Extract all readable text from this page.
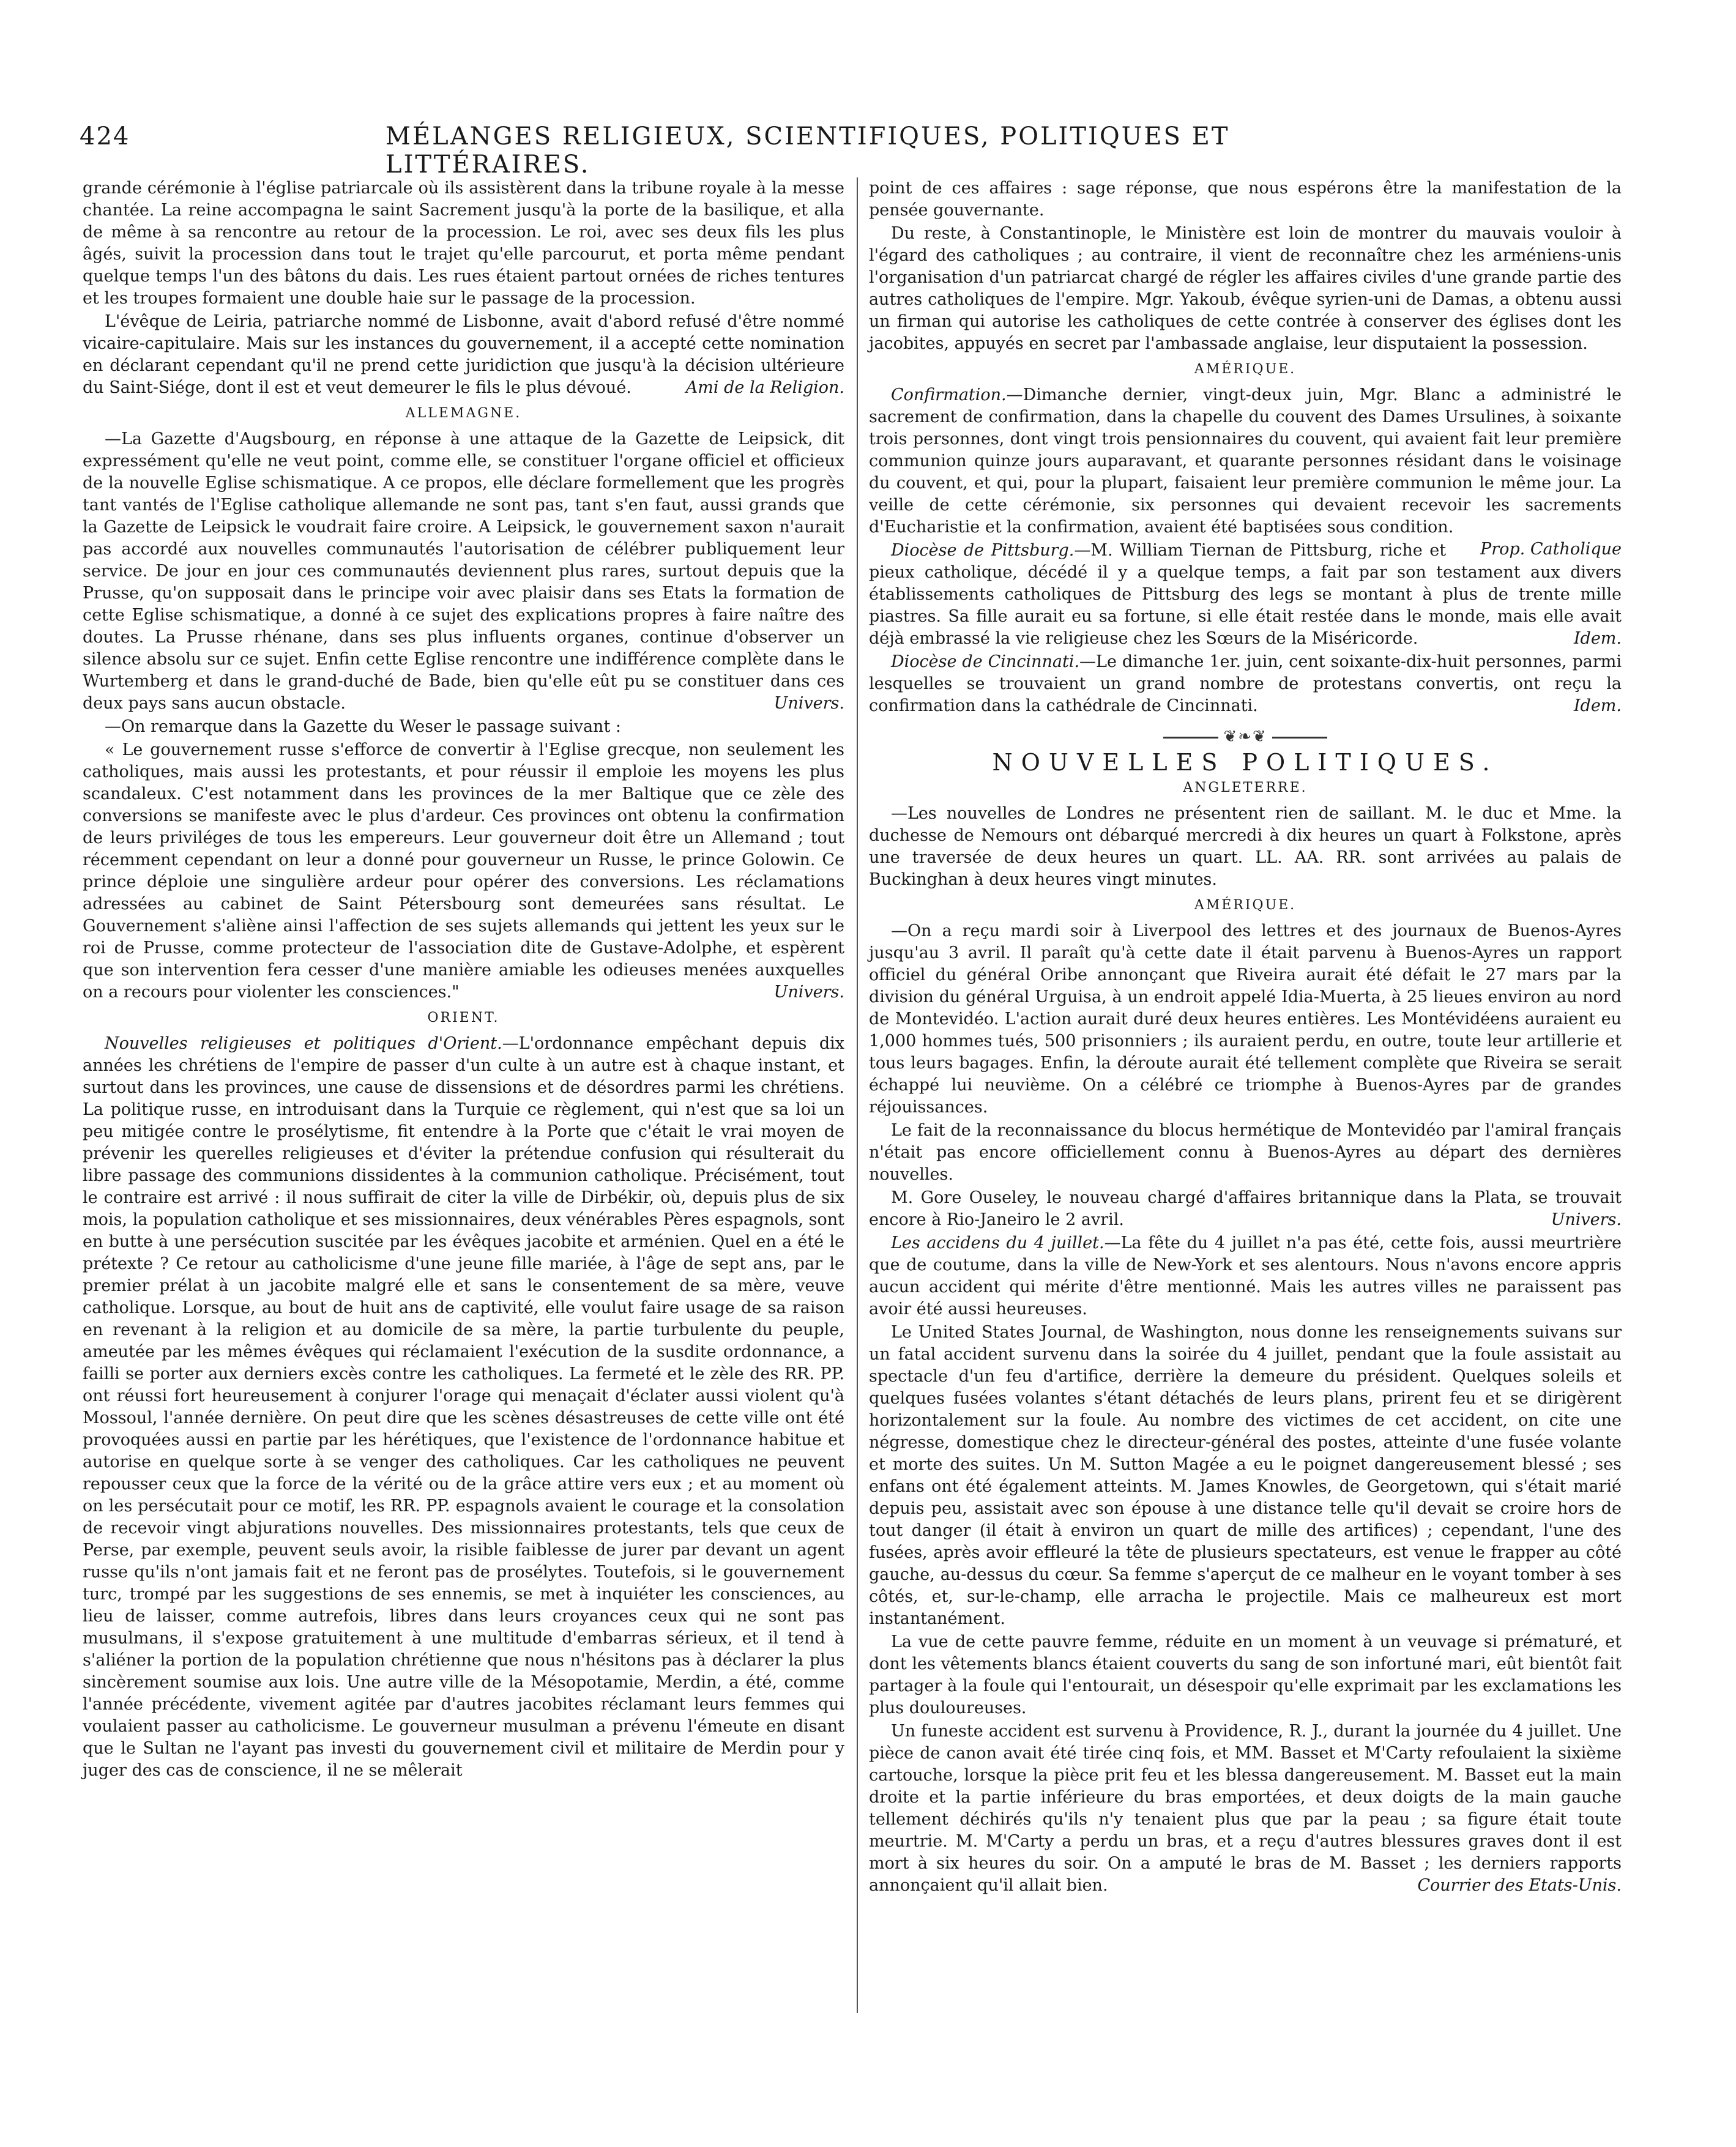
424	MÉLANGES RELIGIEUX, SCIENTIFIQUES, POLITIQUES ET LITTÉRAIRES.

grande cérémonie à l'église patriarcale où ils assistèrent dans la tribune royale à la messe chantée. La reine accompagna le saint Sacrement jusqu'à la porte de la basilique, et alla de même à sa rencontre au retour de la procession. Le roi, avec ses deux fils les plus âgés, suivit la procession dans tout le trajet qu'elle parcourut, et porta même pendant quelque temps l'un des bâtons du dais. Les rues étaient partout ornées de riches tentures et les troupes formaient une double haie sur le passage de la procession.

L'évêque de Leiria, patriarche nommé de Lisbonne, avait d'abord refusé d'être nommé vicaire-capitulaire. Mais sur les instances du gouvernement, il a accepté cette nomination en déclarant cependant qu'il ne prend cette juridiction que jusqu'à la décision ultérieure du Saint-Siége, dont il est et veut demeurer le fils le plus dévoué.	Ami de la Religion.

ALLEMAGNE.

—La Gazette d'Augsbourg, en réponse à une attaque de la Gazette de Leipsick, dit expressément qu'elle ne veut point, comme elle, se constituer l'organe officiel et officieux de la nouvelle Eglise schismatique. A ce propos, elle déclare formellement que les progrès tant vantés de l'Eglise catholique allemande ne sont pas, tant s'en faut, aussi grands que la Gazette de Leipsick le voudrait faire croire. A Leipsick, le gouvernement saxon n'aurait pas accordé aux nouvelles communautés l'autorisation de célébrer publiquement leur service. De jour en jour ces communautés deviennent plus rares, surtout depuis que la Prusse, qu'on supposait dans le principe voir avec plaisir dans ses Etats la formation de cette Eglise schismatique, a donné à ce sujet des explications propres à faire naître des doutes. La Prusse rhénane, dans ses plus influents organes, continue d'observer un silence absolu sur ce sujet. Enfin cette Eglise rencontre une indifférence complète dans le Wurtemberg et dans le grand-duché de Bade, bien qu'elle eût pu se constituer dans ces deux pays sans aucun obstacle.	Univers.

—On remarque dans la Gazette du Weser le passage suivant :

« Le gouvernement russe s'efforce de convertir à l'Eglise grecque, non seulement les catholiques, mais aussi les protestants, et pour réussir il emploie les moyens les plus scandaleux. C'est notamment dans les provinces de la mer Baltique que ce zèle des conversions se manifeste avec le plus d'ardeur. Ces provinces ont obtenu la confirmation de leurs priviléges de tous les empereurs. Leur gouverneur doit être un Allemand ; tout récemment cependant on leur a donné pour gouverneur un Russe, le prince Golowin. Ce prince déploie une singulière ardeur pour opérer des conversions. Les réclamations adressées au cabinet de Saint Pétersbourg sont demeurées sans résultat. Le Gouvernement s'aliène ainsi l'affection de ses sujets allemands qui jettent les yeux sur le roi de Prusse, comme protecteur de l'association dite de Gustave-Adolphe, et espèrent que son intervention fera cesser d'une manière amiable les odieuses menées auxquelles on a recours pour violenter les consciences."	Univers.

ORIENT.

Nouvelles religieuses et politiques d'Orient.—L'ordonnance empêchant depuis dix années les chrétiens de l'empire de passer d'un culte à un autre est à chaque instant, et surtout dans les provinces, une cause de dissensions et de désordres parmi les chrétiens. La politique russe, en introduisant dans la Turquie ce règlement, qui n'est que sa loi un peu mitigée contre le prosélytisme, fit entendre à la Porte que c'était le vrai moyen de prévenir les querelles religieuses et d'éviter la prétendue confusion qui résulterait du libre passage des communions dissidentes à la communion catholique. Précisément, tout le contraire est arrivé : il nous suffirait de citer la ville de Dirbékir, où, depuis plus de six mois, la population catholique et ses missionnaires, deux vénérables Pères espagnols, sont en butte à une persécution suscitée par les évêques jacobite et arménien. Quel en a été le prétexte ? Ce retour au catholicisme d'une jeune fille mariée, à l'âge de sept ans, par le premier prélat à un jacobite malgré elle et sans le consentement de sa mère, veuve catholique. Lorsque, au bout de huit ans de captivité, elle voulut faire usage de sa raison en revenant à la religion et au domicile de sa mère, la partie turbulente du peuple, ameutée par les mêmes évêques qui réclamaient l'exécution de la susdite ordonnance, a failli se porter aux derniers excès contre les catholiques. La fermeté et le zèle des RR. PP. ont réussi fort heureusement à conjurer l'orage qui menaçait d'éclater aussi violent qu'à Mossoul, l'année dernière. On peut dire que les scènes désastreuses de cette ville ont été provoquées aussi en partie par les hérétiques, que l'existence de l'ordonnance habitue et autorise en quelque sorte à se venger des catholiques. Car les catholiques ne peuvent repousser ceux que la force de la vérité ou de la grâce attire vers eux ; et au moment où on les persécutait pour ce motif, les RR. PP. espagnols avaient le courage et la consolation de recevoir vingt abjurations nouvelles. Des missionnaires protestants, tels que ceux de Perse, par exemple, peuvent seuls avoir, la risible faiblesse de jurer par devant un agent russe qu'ils n'ont jamais fait et ne feront pas de prosélytes. Toutefois, si le gouvernement turc, trompé par les suggestions de ses ennemis, se met à inquiéter les consciences, au lieu de laisser, comme autrefois, libres dans leurs croyances ceux qui ne sont pas musulmans, il s'expose gratuitement à une multitude d'embarras sérieux, et il tend à s'aliéner la portion de la population chrétienne que nous n'hésitons pas à déclarer la plus sincèrement soumise aux lois. Une autre ville de la Mésopotamie, Merdin, a été, comme l'année précédente, vivement agitée par d'autres jacobites réclamant leurs femmes qui voulaient passer au catholicisme. Le gouverneur musulman a prévenu l'émeute en disant que le Sultan ne l'ayant pas investi du gouvernement civil et militaire de Merdin pour y juger des cas de conscience, il ne se mêlerait

point de ces affaires : sage réponse, que nous espérons être la manifestation de la pensée gouvernante.

Du reste, à Constantinople, le Ministère est loin de montrer du mauvais vouloir à l'égard des catholiques ; au contraire, il vient de reconnaître chez les arméniens-unis l'organisation d'un patriarcat chargé de régler les affaires civiles d'une grande partie des autres catholiques de l'empire. Mgr. Yakoub, évêque syrien-uni de Damas, a obtenu aussi un firman qui autorise les catholiques de cette contrée à conserver des églises dont les jacobites, appuyés en secret par l'ambassade anglaise, leur disputaient la possession.

AMÉRIQUE.

Confirmation.—Dimanche dernier, vingt-deux juin, Mgr. Blanc a administré le sacrement de confirmation, dans la chapelle du couvent des Dames Ursulines, à soixante trois personnes, dont vingt trois pensionnaires du couvent, qui avaient fait leur première communion quinze jours auparavant, et quarante personnes résidant dans le voisinage du couvent, et qui, pour la plupart, faisaient leur première communion le même jour. La veille de cette cérémonie, six personnes qui devaient recevoir les sacrements d'Eucharistie et la confirmation, avaient été baptisées sous condition.
Prop. Catholique

Diocèse de Pittsburg.—M. William Tiernan de Pittsburg, riche et pieux catholique, décédé il y a quelque temps, a fait par son testament aux divers établissements catholiques de Pittsburg des legs se montant à plus de trente mille piastres. Sa fille aurait eu sa fortune, si elle était restée dans le monde, mais elle avait déjà embrassé la vie religieuse chez les Sœurs de la Miséricorde.	Idem.

Diocèse de Cincinnati.—Le dimanche 1er. juin, cent soixante-dix-huit personnes, parmi lesquelles se trouvaient un grand nombre de protestans convertis, ont reçu la confirmation dans la cathédrale de Cincinnati.	Idem.

❦❧❦
NOUVELLES POLITIQUES.
ANGLETERRE.

—Les nouvelles de Londres ne présentent rien de saillant. M. le duc et Mme. la duchesse de Nemours ont débarqué mercredi à dix heures un quart à Folkstone, après une traversée de deux heures un quart. LL. AA. RR. sont arrivées au palais de Buckinghan à deux heures vingt minutes.

AMÉRIQUE.

—On a reçu mardi soir à Liverpool des lettres et des journaux de Buenos-Ayres jusqu'au 3 avril. Il paraît qu'à cette date il était parvenu à Buenos-Ayres un rapport officiel du général Oribe annonçant que Riveira aurait été défait le 27 mars par la division du général Urguisa, à un endroit appelé Idia-Muerta, à 25 lieues environ au nord de Montevidéo. L'action aurait duré deux heures entières. Les Montévidéens auraient eu 1,000 hommes tués, 500 prisonniers ; ils auraient perdu, en outre, toute leur artillerie et tous leurs bagages. Enfin, la déroute aurait été tellement complète que Riveira se serait échappé lui neuvième. On a célébré ce triomphe à Buenos-Ayres par de grandes réjouissances.

Le fait de la reconnaissance du blocus hermétique de Montevidéo par l'amiral français n'était pas encore officiellement connu à Buenos-Ayres au départ des dernières nouvelles.

M. Gore Ouseley, le nouveau chargé d'affaires britannique dans la Plata, se trouvait encore à Rio-Janeiro le 2 avril.	Univers.

Les accidens du 4 juillet.—La fête du 4 juillet n'a pas été, cette fois, aussi meurtrière que de coutume, dans la ville de New-York et ses alentours. Nous n'avons encore appris aucun accident qui mérite d'être mentionné. Mais les autres villes ne paraissent pas avoir été aussi heureuses.

Le United States Journal, de Washington, nous donne les renseignements suivans sur un fatal accident survenu dans la soirée du 4 juillet, pendant que la foule assistait au spectacle d'un feu d'artifice, derrière la demeure du président. Quelques soleils et quelques fusées volantes s'étant détachés de leurs plans, prirent feu et se dirigèrent horizontalement sur la foule. Au nombre des victimes de cet accident, on cite une négresse, domestique chez le directeur-général des postes, atteinte d'une fusée volante et morte des suites. Un M. Sutton Magée a eu le poignet dangereusement blessé ; ses enfans ont été également atteints. M. James Knowles, de Georgetown, qui s'était marié depuis peu, assistait avec son épouse à une distance telle qu'il devait se croire hors de tout danger (il était à environ un quart de mille des artifices) ; cependant, l'une des fusées, après avoir effleuré la tête de plusieurs spectateurs, est venue le frapper au côté gauche, au-dessus du cœur. Sa femme s'aperçut de ce malheur en le voyant tomber à ses côtés, et, sur-le-champ, elle arracha le projectile. Mais ce malheureux est mort instantanément.

La vue de cette pauvre femme, réduite en un moment à un veuvage si prématuré, et dont les vêtements blancs étaient couverts du sang de son infortuné mari, eût bientôt fait partager à la foule qui l'entourait, un désespoir qu'elle exprimait par les exclamations les plus douloureuses.

Un funeste accident est survenu à Providence, R. J., durant la journée du 4 juillet. Une pièce de canon avait été tirée cinq fois, et MM. Basset et M'Carty refoulaient la sixième cartouche, lorsque la pièce prit feu et les blessa dangereusement. M. Basset eut la main droite et la partie inférieure du bras emportées, et deux doigts de la main gauche tellement déchirés qu'ils n'y tenaient plus que par la peau ; sa figure était toute meurtrie. M. M'Carty a perdu un bras, et a reçu d'autres blessures graves dont il est mort à six heures du soir. On a amputé le bras de M. Basset ; les derniers rapports annonçaient qu'il allait bien.	Courrier des Etats-Unis.
